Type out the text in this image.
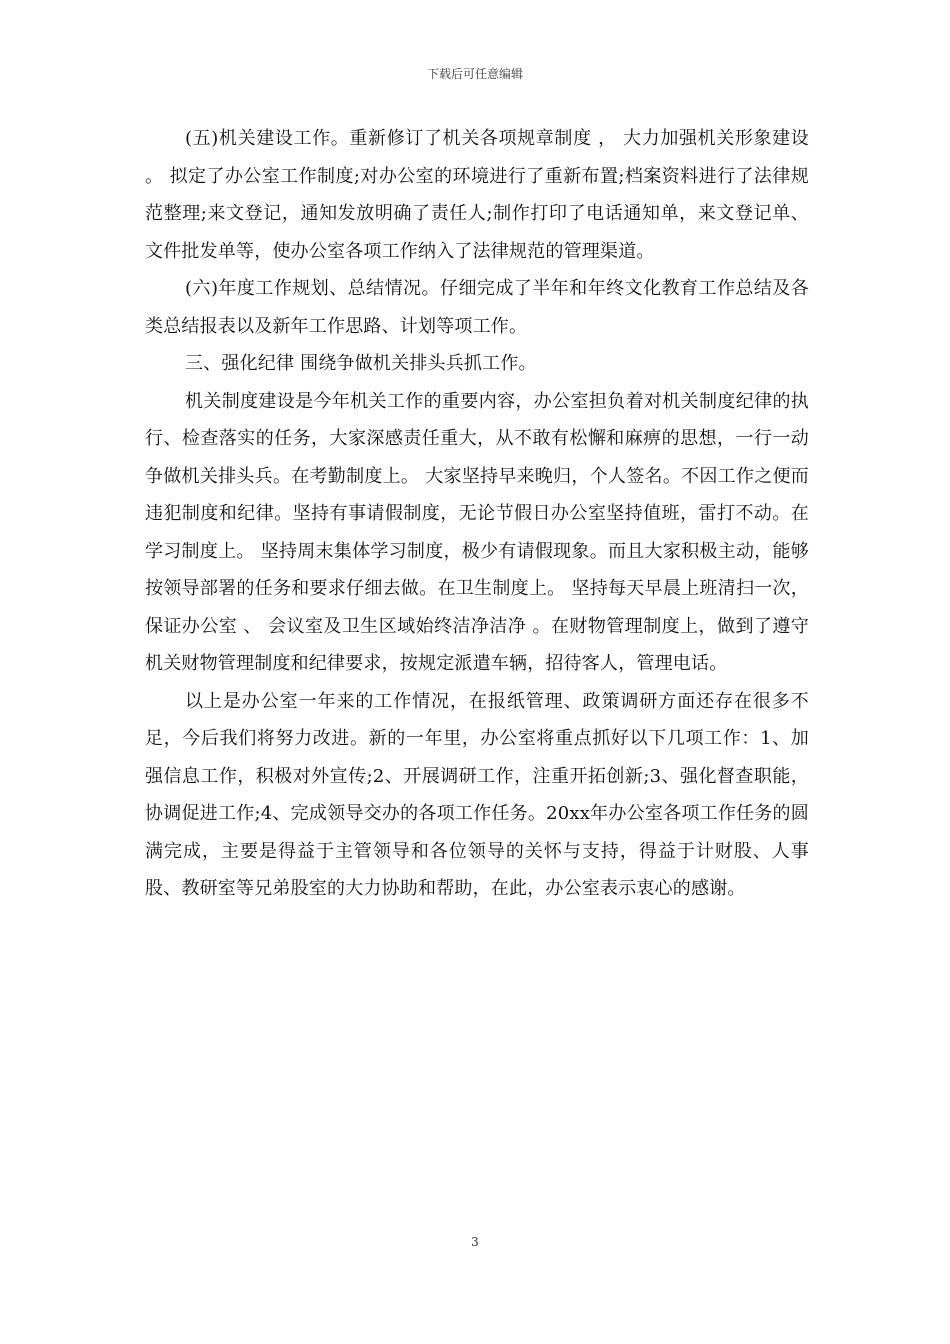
下载后可任意编辑

(五)机关建设工作。重新修订了机关各项规章制度 ， 大力加强机关形象建设 。 拟定了办公室工作制度;对办公室的环境进行了重新布置;档案资料进行了法律规范整理;来文登记，通知发放明确了责任人;制作打印了电话通知单，来文登记单、文件批发单等，使办公室各项工作纳入了法律规范的管理渠道。

(六)年度工作规划、总结情况。仔细完成了半年和年终文化教育工作总结及各类总结报表以及新年工作思路、计划等项工作。

三、强化纪律 围绕争做机关排头兵抓工作。

机关制度建设是今年机关工作的重要内容，办公室担负着对机关制度纪律的执行、检查落实的任务，大家深感责任重大，从不敢有松懈和麻痹的思想，一行一动争做机关排头兵。在考勤制度上。 大家坚持早来晚归，个人签名。不因工作之便而违犯制度和纪律。坚持有事请假制度，无论节假日办公室坚持值班，雷打不动。在学习制度上。 坚持周末集体学习制度，极少有请假现象。而且大家积极主动，能够按领导部署的任务和要求仔细去做。在卫生制度上。 坚持每天早晨上班清扫一次，保证办公室 、 会议室及卫生区域始终洁净洁净 。在财物管理制度上，做到了遵守机关财物管理制度和纪律要求，按规定派遣车辆，招待客人，管理电话。

以上是办公室一年来的工作情况，在报纸管理、政策调研方面还存在很多不足，今后我们将努力改进。新的一年里，办公室将重点抓好以下几项工作：1、加强信息工作，积极对外宣传;2、开展调研工作，注重开拓创新;3、强化督查职能，协调促进工作;4、完成领导交办的各项工作任务。20xx年办公室各项工作任务的圆满完成，主要是得益于主管领导和各位领导的关怀与支持，得益于计财股、人事股、教研室等兄弟股室的大力协助和帮助，在此，办公室表示衷心的感谢。

3
